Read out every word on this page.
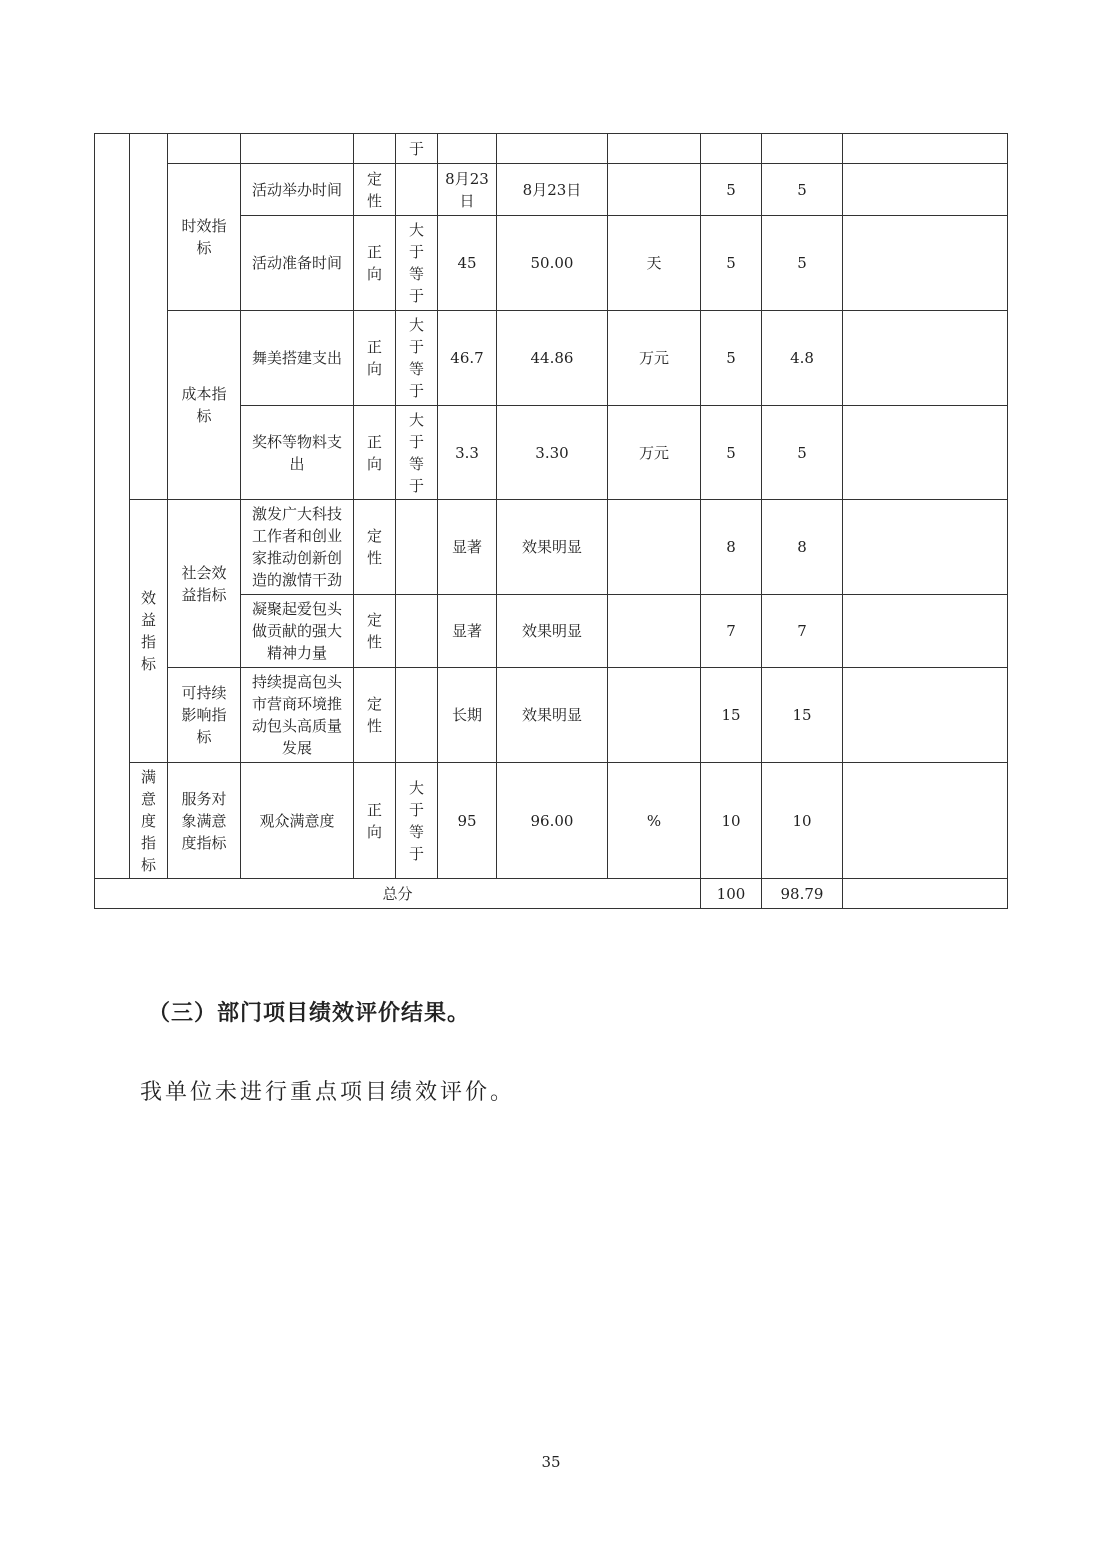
					于						
		时效指标	活动举办时间	定性		8月23日	8月23日		5	5	
			活动准备时间	正向	大于等于	45	50.00	天	5	5	
		成本指标	舞美搭建支出	正向	大于等于	46.7	44.86	万元	5	4.8	
			奖杯等物料支出	正向	大于等于	3.3	3.30	万元	5	5	
	效益指标	社会效益指标	激发广大科技工作者和创业家推动创新创造的激情干劲	定性		显著	效果明显		8	8	
			凝聚起爱包头做贡献的强大精神力量	定性		显著	效果明显		7	7	
		可持续影响指标	持续提高包头市营商环境推动包头高质量发展	定性		长期	效果明显		15	15	
	满意度指标	服务对象满意度指标	观众满意度	正向	大于等于	95	96.00	%	10	10	
总分									100	98.79	
（三）部门项目绩效评价结果。
我单位未进行重点项目绩效评价。
35
